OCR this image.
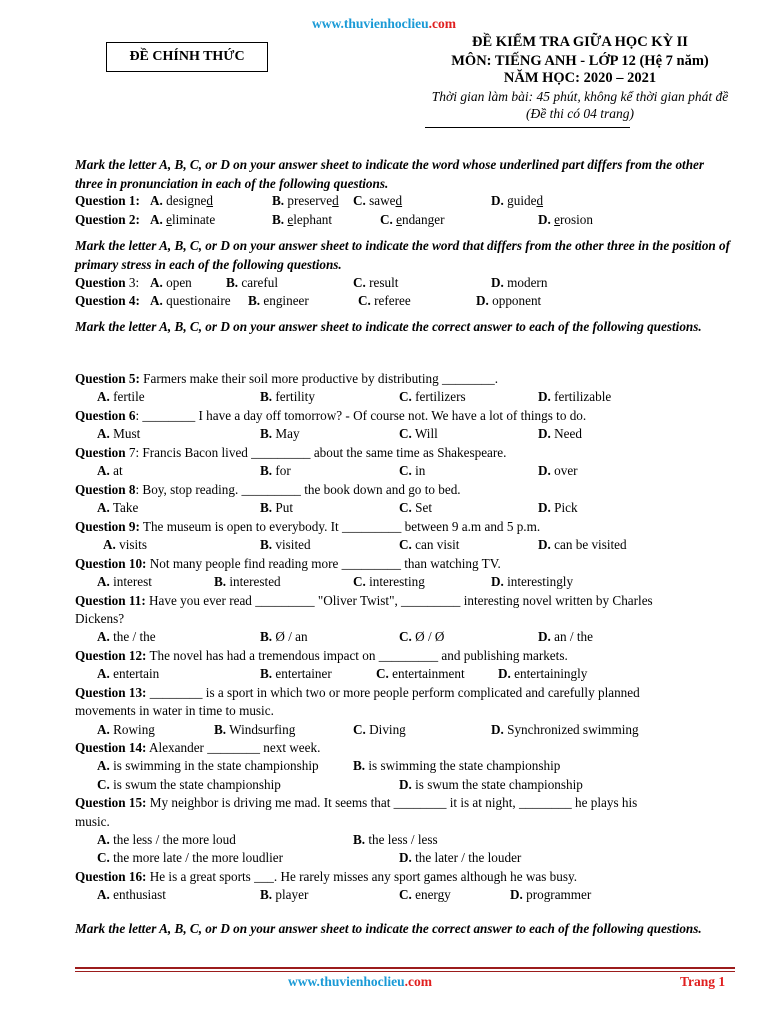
www.thuvienhoclieu.com
ĐỀ CHÍNH THỨC
ĐỀ KIỂM TRA GIỮA HỌC KỲ II
MÔN: TIẾNG ANH - LỚP 12 (Hệ 7 năm)
NĂM HỌC: 2020 – 2021
Thời gian làm bài: 45 phút, không kể thời gian phát đề
(Đề thi có 04 trang)
Mark the letter A, B, C, or D on your answer sheet to indicate the word whose underlined part differs from the other three in pronunciation in each of the following questions.
Question 1: A. designed	B. preserved C. sawed	D. guided
Question 2: A. eliminate	B. elephant	C. endanger	D. erosion
Mark the letter A, B, C, or D on your answer sheet to indicate the word that differs from the other three in the position of primary stress in each of the following questions.
Question 3: A. open	B. careful	C. result	D. modern
Question 4: A. questionaire B. engineer	C. referee	D. opponent
Mark the letter A, B, C, or D on your answer sheet to indicate the correct answer to each of the following questions.
Question 5: Farmers make their soil more productive by distributing ________.
A. fertile	B. fertility	C. fertilizers	D. fertilizable
Question 6: ________ I have a day off tomorrow? - Of course not. We have a lot of things to do.
A. Must	B. May	C. Will	D. Need
Question 7: Francis Bacon lived _________ about the same time as Shakespeare.
A. at	B. for	C. in	D. over
Question 8: Boy, stop reading. _________ the book down and go to bed.
A. Take	B. Put	C. Set	D. Pick
Question 9: The museum is open to everybody. It _________ between 9 a.m and 5 p.m.
A. visits	B. visited	C. can visit	D. can be visited
Question 10: Not many people find reading more _________ than watching TV.
A. interest	B. interested	C. interesting	D. interestingly
Question 11: Have you ever read _________ "Oliver Twist", _________ interesting novel written by Charles
Dickens?
A. the / the	B. Ø / an	C. Ø / Ø	D. an / the
Question 12: The novel has had a tremendous impact on _________ and publishing markets.
A. entertain	B. entertainer	C. entertainment	D. entertainingly
Question 13: ________ is a sport in which two or more people perform complicated and carefully planned
movements in water in time to music.
A. Rowing	B. Windsurfing	C. Diving	D. Synchronized swimming
Question 14: Alexander ________ next week.
A. is swimming in the state championship	B. is swimming the state championship
C. is swum the state championship	D. is swum the state championship
Question 15: My neighbor is driving me mad. It seems that ________ it is at night, ________ he plays his
music.
A. the less / the more loud	B. the less / less
C. the more late / the more loudlier	D. the later / the louder
Question 16: He is a great sports ___. He rarely misses any sport games although he was busy.
A. enthusiast	B. player	C. energy	D. programmer
Mark the letter A, B, C, or D on your answer sheet to indicate the correct answer to each of the following questions.
www.thuvienhoclieu.com	Trang 1
